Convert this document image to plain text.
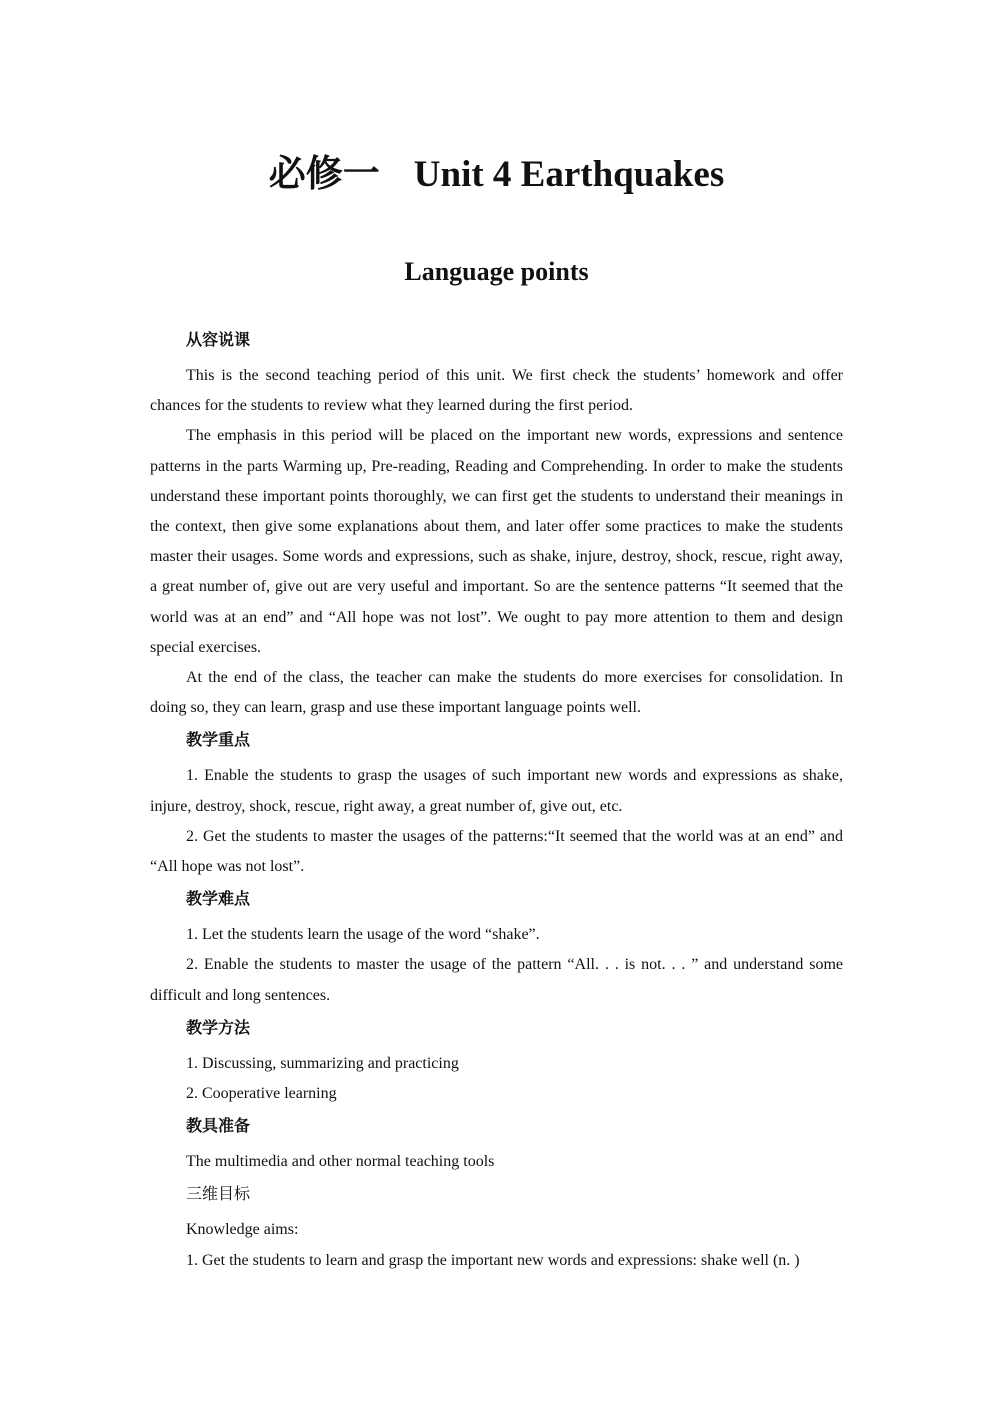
必修一 Unit 4 Earthquakes
Language points
从容说课

This is the second teaching period of this unit. We first check the students’ homework and offer chances for the students to review what they learned during the first period.

The emphasis in this period will be placed on the important new words, expressions and sentence patterns in the parts Warming up, Pre-reading, Reading and Comprehending. In order to make the students understand these important points thoroughly, we can first get the students to understand their meanings in the context, then give some explanations about them, and later offer some practices to make the students master their usages. Some words and expressions, such as shake, injure, destroy, shock, rescue, right away, a great number of, give out are very useful and important. So are the sentence patterns “It seemed that the world was at an end” and “All hope was not lost”. We ought to pay more attention to them and design special exercises.

At the end of the class, the teacher can make the students do more exercises for consolidation. In doing so, they can learn, grasp and use these important language points well.

教学重点

1. Enable the students to grasp the usages of such important new words and expressions as shake, injure, destroy, shock, rescue, right away, a great number of, give out, etc.

2. Get the students to master the usages of the patterns:“It seemed that the world was at an end” and “All hope was not lost”.

教学难点

1. Let the students learn the usage of the word “shake”.

2. Enable the students to master the usage of the pattern “All. . . is not. . . ” and understand some difficult and long sentences.

教学方法

1. Discussing, summarizing and practicing

2. Cooperative learning

教具准备

The multimedia and other normal teaching tools

三维目标

Knowledge aims:

1. Get the students to learn and grasp the important new words and expressions: shake well (n. )
